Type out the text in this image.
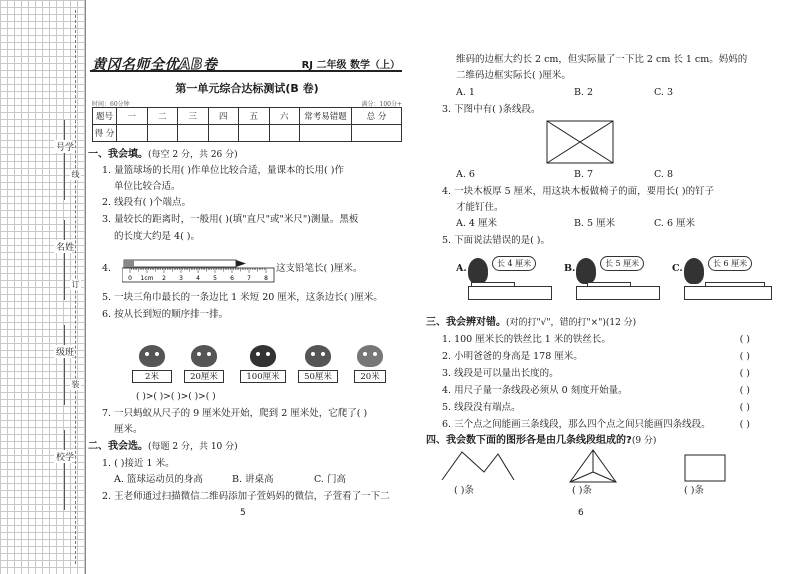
学号
姓名
班级
学校
线
订
装
黄冈名师全优AB卷	RJ 二年级 数学（上）
第一单元综合达标测试(B 卷)
时间：60分钟	满分：100分+
题号	一	二	三	四	五	六	常考易错题	总 分
得 分								
一、我会填。(每空 2 分，共 26 分)
1. 量篮球场的长用( )作单位比较合适，量课本的长用( )作
单位比较合适。
2. 线段有( )个端点。
3. 量较长的距离时，一般用( )(填"直尺"或"米尺")测量。黑板
的长度大约是 4( )。
4.
0 1cm 2 3 4 5 6 7 8
这支铅笔长( )厘米。
5. 一块三角巾最长的一条边比 1 米短 20 厘米，这条边长( )厘米。
6. 按从长到短的顺序排一排。
2米	20厘米	100厘米	50厘米	20米
( )>( )>( )>( )>( )
7. 一只蚂蚁从尺子的 9 厘米处开始，爬到 2 厘米处，它爬了( )
厘米。
二、我会选。(每题 2 分，共 10 分)
1. ( )接近 1 米。
A. 篮球运动员的身高	B. 讲桌高	C. 门高
2. 王老师通过扫描微信二维码添加子萱妈妈的微信，子萱看了一下二
5
维码的边框大约长 2 cm，但实际量了一下比 2 cm 长 1 cm。妈妈的
二维码边框实际长( )厘米。
A. 1	B. 2	C. 3
3. 下图中有( )条线段。
A. 6	B. 7	C. 8
4. 一块木板厚 5 厘米，用这块木板做椅子的面，要用长( )的钉子
才能钉住。
A. 4 厘米	B. 5 厘米	C. 6 厘米
5. 下面说法错误的是( )。
A.	长 4 厘米	B.	长 5 厘米	C.	长 6 厘米
三、我会辨对错。(对的打"√"，错的打"×")(12 分)
1. 100 厘米长的铁丝比 1 米的铁丝长。	( )
2. 小明爸爸的身高是 178 厘米。	( )
3. 线段是可以量出长度的。	( )
4. 用尺子量一条线段必须从 0 刻度开始量。	( )
5. 线段没有端点。	( )
6. 三个点之间能画三条线段，那么四个点之间只能画四条线段。	( )
四、我会数下面的图形各是由几条线段组成的?(9 分)
( )条	( )条	( )条
6
